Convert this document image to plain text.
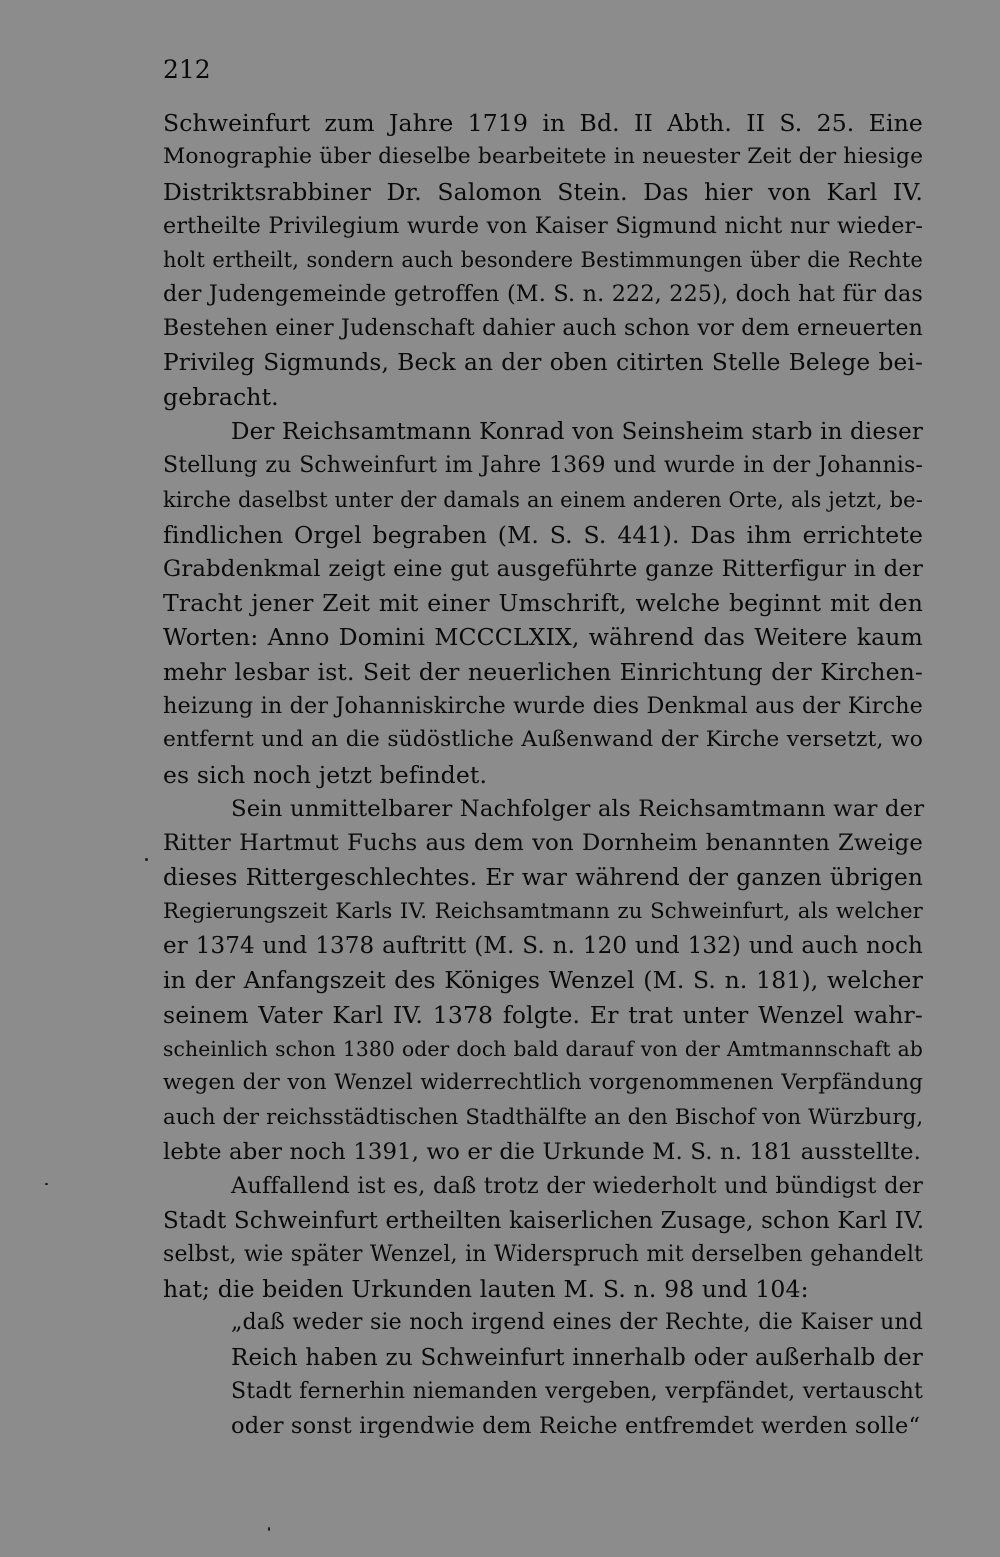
212
Schweinfurt zum Jahre 1719 in Bd. II Abth. II S. 25. Eine
Monographie über dieselbe bearbeitete in neuester Zeit der hiesige
Distriktsrabbiner Dr. Salomon Stein. Das hier von Karl IV.
ertheilte Privilegium wurde von Kaiser Sigmund nicht nur wieder-
holt ertheilt, sondern auch besondere Bestimmungen über die Rechte
der Judengemeinde getroffen (M. S. n. 222, 225), doch hat für das
Bestehen einer Judenschaft dahier auch schon vor dem erneuerten
Privileg Sigmunds, Beck an der oben citirten Stelle Belege bei-
gebracht.
Der Reichsamtmann Konrad von Seinsheim starb in dieser
Stellung zu Schweinfurt im Jahre 1369 und wurde in der Johannis-
kirche daselbst unter der damals an einem anderen Orte, als jetzt, be-
findlichen Orgel begraben (M. S. S. 441). Das ihm errichtete
Grabdenkmal zeigt eine gut ausgeführte ganze Ritterfigur in der
Tracht jener Zeit mit einer Umschrift, welche beginnt mit den
Worten: Anno Domini MCCCLXIX, während das Weitere kaum
mehr lesbar ist. Seit der neuerlichen Einrichtung der Kirchen-
heizung in der Johanniskirche wurde dies Denkmal aus der Kirche
entfernt und an die südöstliche Außenwand der Kirche versetzt, wo
es sich noch jetzt befindet.
Sein unmittelbarer Nachfolger als Reichsamtmann war der
Ritter Hartmut Fuchs aus dem von Dornheim benannten Zweige
dieses Rittergeschlechtes. Er war während der ganzen übrigen
Regierungszeit Karls IV. Reichsamtmann zu Schweinfurt, als welcher
er 1374 und 1378 auftritt (M. S. n. 120 und 132) und auch noch
in der Anfangszeit des Königes Wenzel (M. S. n. 181), welcher
seinem Vater Karl IV. 1378 folgte. Er trat unter Wenzel wahr-
scheinlich schon 1380 oder doch bald darauf von der Amtmannschaft ab
wegen der von Wenzel widerrechtlich vorgenommenen Verpfändung
auch der reichsstädtischen Stadthälfte an den Bischof von Würzburg,
lebte aber noch 1391, wo er die Urkunde M. S. n. 181 ausstellte.
Auffallend ist es, daß trotz der wiederholt und bündigst der
Stadt Schweinfurt ertheilten kaiserlichen Zusage, schon Karl IV.
selbst, wie später Wenzel, in Widerspruch mit derselben gehandelt
hat; die beiden Urkunden lauten M. S. n. 98 und 104:
„daß weder sie noch irgend eines der Rechte, die Kaiser und
Reich haben zu Schweinfurt innerhalb oder außerhalb der
Stadt fernerhin niemanden vergeben, verpfändet, vertauscht
oder sonst irgendwie dem Reiche entfremdet werden solle“
